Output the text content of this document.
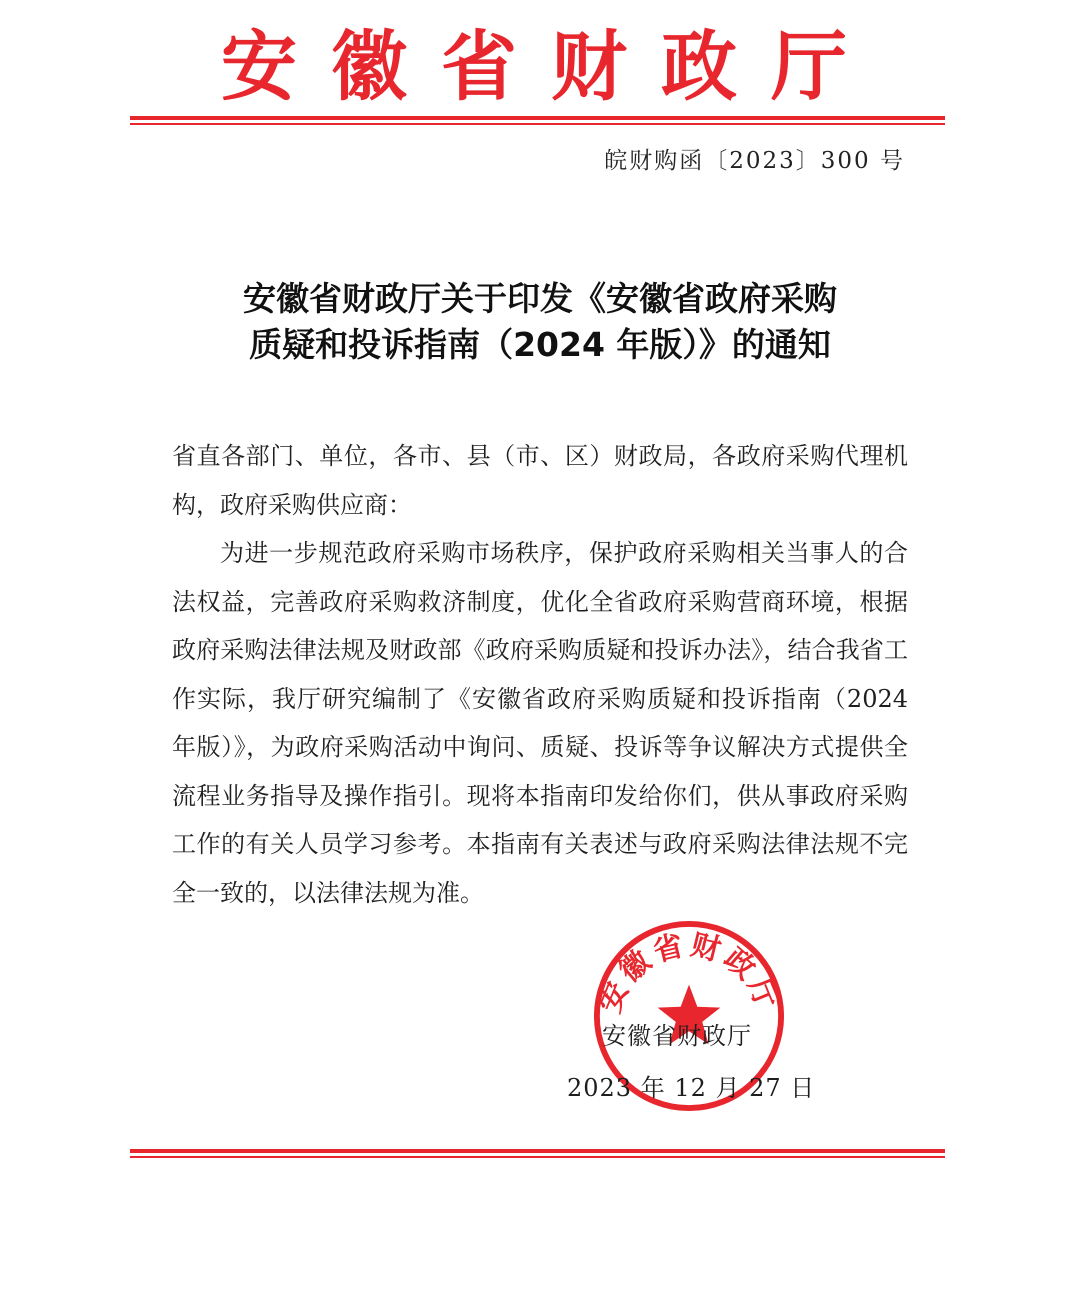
安徽省财政厅
皖财购函〔2023〕300 号
安徽省财政厅关于印发《安徽省政府采购
质疑和投诉指南（2024 年版）》的通知

省直各部门、单位，各市、县（市、区）财政局，各政府采购代理机构，政府采购供应商：

为进一步规范政府采购市场秩序，保护政府采购相关当事人的合法权益，完善政府采购救济制度，优化全省政府采购营商环境，根据政府采购法律法规及财政部《政府采购质疑和投诉办法》，结合我省工作实际，我厅研究编制了《安徽省政府采购质疑和投诉指南（2024 年版）》，为政府采购活动中询问、质疑、投诉等争议解决方式提供全流程业务指导及操作指引。现将本指南印发给你们，供从事政府采购工作的有关人员学习参考。本指南有关表述与政府采购法律法规不完全一致的，以法律法规为准。

安徽省财政厅
安徽省财政厅
2023 年 12 月 27 日
